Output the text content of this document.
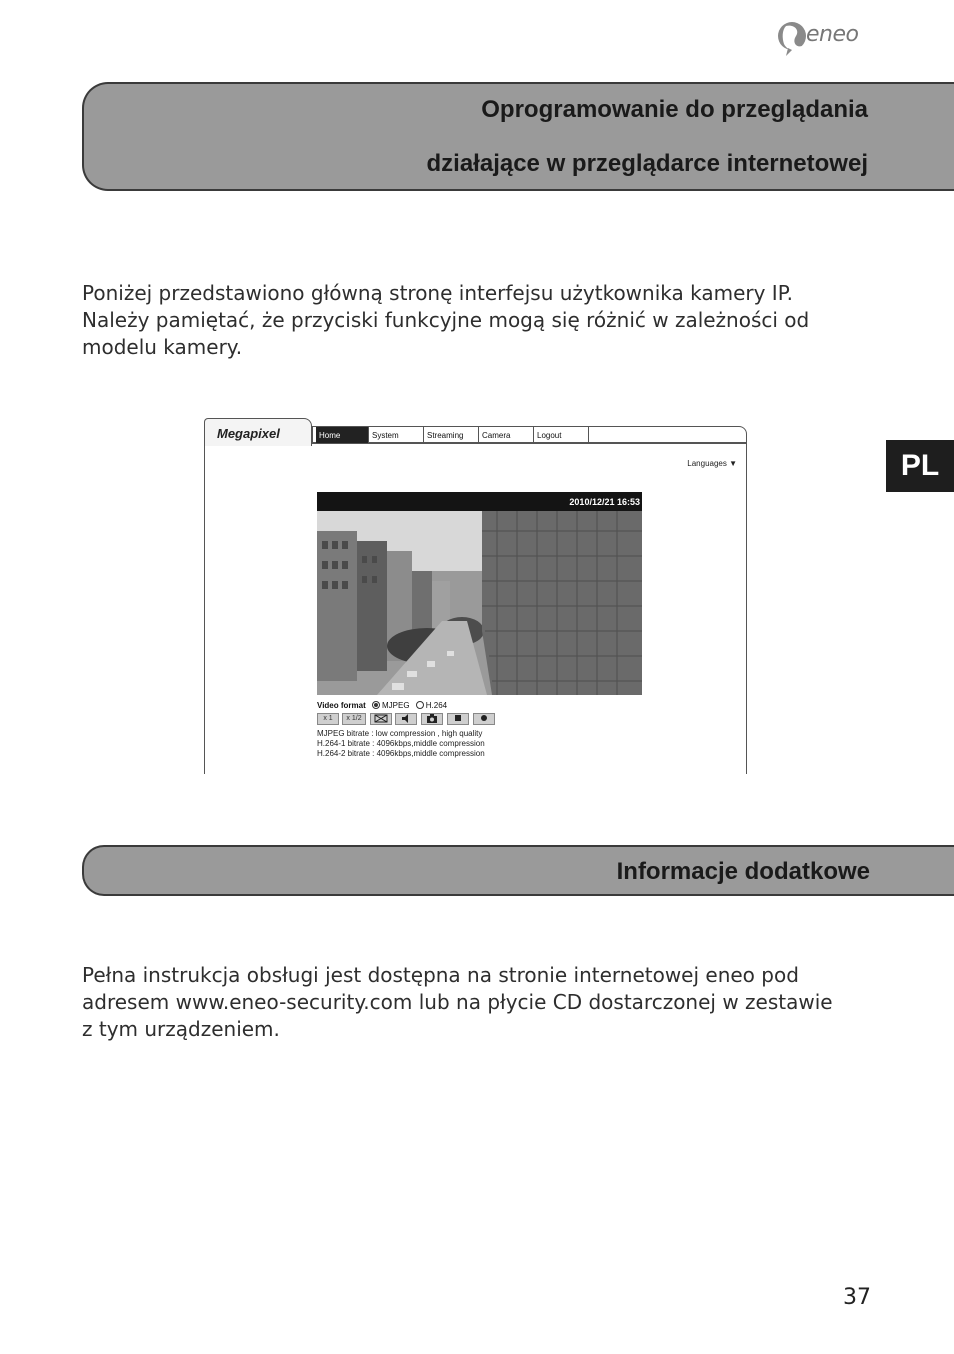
eneo
Oprogramowanie do przeglądania
działające w przeglądarce internetowej
Poniżej przedstawiono główną stronę interfejsu użytkownika kamery IP.
Należy pamiętać, że przyciski funkcyjne mogą się różnić w zależności od
modelu kamery.
PL
Megapixel	Home	System	Streaming	Camera	Logout
Languages ▼
2010/12/21 16:53
Video format MJPEG H.264
x 1	x 1/2
MJPEG bitrate : low compression , high quality
H.264-1 bitrate : 4096kbps,middle compression
H.264-2 bitrate : 4096kbps,middle compression
Informacje dodatkowe
Pełna instrukcja obsługi jest dostępna na stronie internetowej eneo pod
adresem www.eneo-security.com lub na płycie CD dostarczonej w zestawie
z tym urządzeniem.
37
